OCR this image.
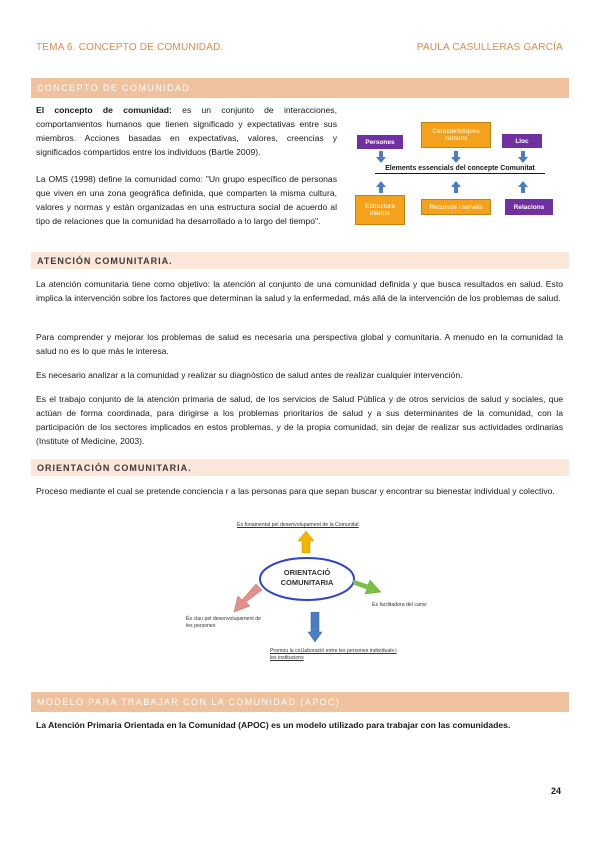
TEMA 6. CONCEPTO DE COMUNIDAD.	PAULA CASULLERAS GARCÍA
CONCEPTO DE COMUNIDAD.

El concepto de comunidad: es un conjunto de interacciones, comportamientos humanos que tienen significado y expectativas entre sus miembros. Acciones basadas en expectativas, valores, creencias y significados compartidos entre los individuos (Bartle 2009).

La OMS (1998) define la comunidad como: "Un grupo específico de personas que viven en una zona geográfica definida, que comparten la misma cultura, valores y normas y están organizadas en una estructura social de acuerdo al tipo de relaciones que la comunidad ha desarrollado a lo largo del tiempo".

Persones
Característiques comuns	Lloc
Elements essencials del concepte Comunitat
Estructura interna
Recursos i serveis	Relacions
ATENCIÓN COMUNITARIA.

La atención comunitaria tiene como objetivo: la atención al conjunto de una comunidad definida y que busca resultados en salud. Esto implica la intervención sobre los factores que determinan la salud y la enfermedad, más allá de la intervención de los problemas de salud.

Para comprender y mejorar los problemas de salud es necesaria una perspectiva global y comunitaria. A menudo en la comunidad la salud no es lo que más le interesa.

Es necesario analizar a la comunidad y realizar su diagnóstico de salud antes de realizar cualquier intervención.

Es el trabajo conjunto de la atención primaria de salud, de los servicios de Salud Pública y de otros servicios de salud y sociales, que actúan de forma coordinada, para dirigirse a los problemas prioritarios de salud y a sus determinantes de la comunidad, con la participación de los sectores implicados en estos problemas, y de la propia comunidad, sin dejar de realizar sus actividades ordinarias (Institute of Medicine, 2003).

ORIENTACIÓN COMUNITARIA.

Proceso mediante el cual se pretende conciencia r a las personas para que sepan buscar y encontrar su bienestar individual y colectivo.

És fonamental pel desenvolupament de la Comunitat
ORIENTACIÓ
COMUNITARIA
És facilitadora del canvi
És clau pel desenvolupament de les persones
Promou la col.laboració entre les persones individuals i les institucions
MODELO PARA TRABAJAR CON LA COMUNIDAD (APOC).

La Atención Primaria Orientada en la Comunidad (APOC) es un modelo utilizado para trabajar con las comunidades.

24
